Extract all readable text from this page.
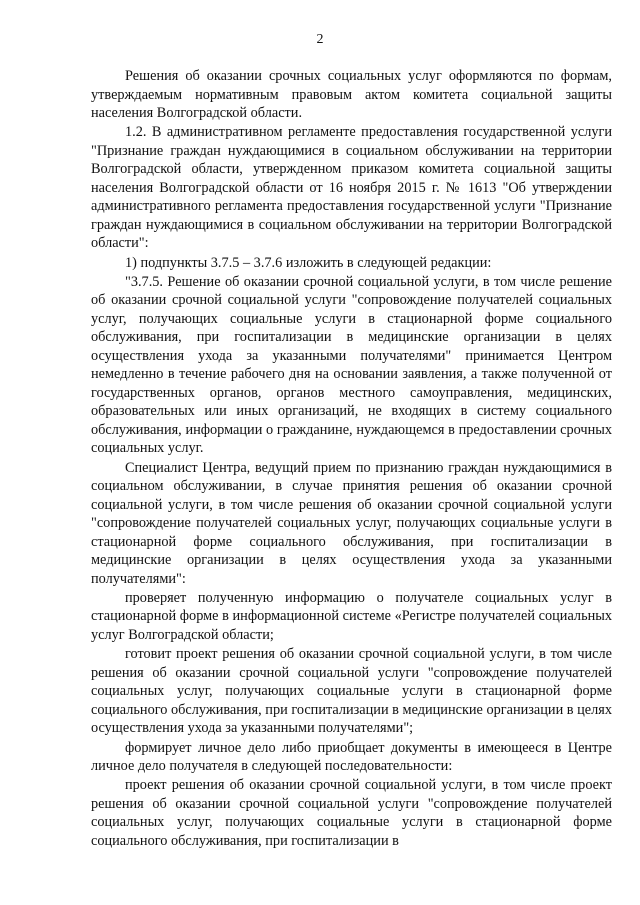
2

Решения об оказании срочных социальных услуг оформляются по формам, утверждаемым нормативным правовым актом комитета социальной защиты населения Волгоградской области.

1.2. В административном регламенте предоставления государственной услуги "Признание граждан нуждающимися в социальном обслуживании на территории Волгоградской области, утвержденном приказом комитета социальной защиты населения Волгоградской области от 16 ноября 2015 г. № 1613 "Об утверждении административного регламента предоставления государственной услуги "Признание граждан нуждающимися в социальном обслуживании на территории Волгоградской области":

1) подпункты 3.7.5 – 3.7.6 изложить в следующей редакции:

"3.7.5. Решение об оказании срочной социальной услуги, в том числе решение об оказании срочной социальной услуги "сопровождение получателей социальных услуг, получающих социальные услуги в стационарной форме социального обслуживания, при госпитализации в медицинские организации в целях осуществления ухода за указанными получателями" принимается Центром немедленно в течение рабочего дня на основании заявления, а также полученной от государственных органов, органов местного самоуправления, медицинских, образовательных или иных организаций, не входящих в систему социального обслуживания, информации о гражданине, нуждающемся в предоставлении срочных социальных услуг.

Специалист Центра, ведущий прием по признанию граждан нуждающимися в социальном обслуживании, в случае принятия решения об оказании срочной социальной услуги, в том числе решения об оказании срочной социальной услуги "сопровождение получателей социальных услуг, получающих социальные услуги в стационарной форме социального обслуживания, при госпитализации в медицинские организации в целях осуществления ухода за указанными получателями":

проверяет полученную информацию о получателе социальных услуг в стационарной форме в информационной системе «Регистре получателей социальных услуг Волгоградской области;

готовит проект решения об оказании срочной социальной услуги, в том числе решения об оказании срочной социальной услуги "сопровождение получателей социальных услуг, получающих социальные услуги в стационарной форме социального обслуживания, при госпитализации в медицинские организации в целях осуществления ухода за указанными получателями";

формирует личное дело либо приобщает документы в имеющееся в Центре личное дело получателя в следующей последовательности:

проект решения об оказании срочной социальной услуги, в том числе проект решения об оказании срочной социальной услуги "сопровождение получателей социальных услуг, получающих социальные услуги в стационарной форме социального обслуживания, при госпитализации в
